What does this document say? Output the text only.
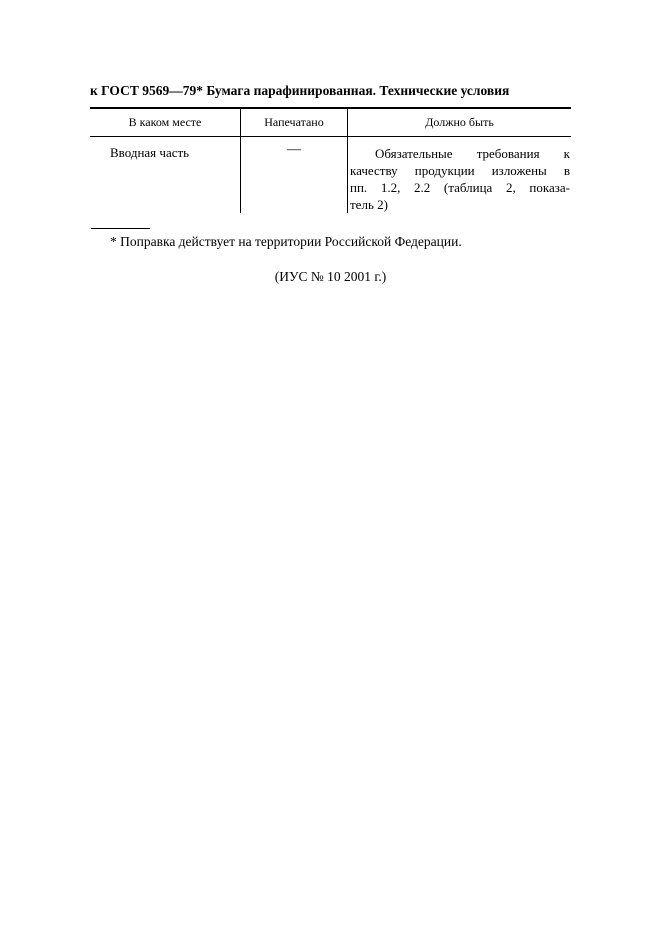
к ГОСТ 9569—79* Бумага парафинированная. Технические условия
В каком месте	Напечатано	Должно быть
Вводная часть	—	Обязательные требования к
качеству продукции изложены в
пп. 1.2, 2.2 (таблица 2, показа-
тель 2)
* Поправка действует на территории Российской Федерации.
(ИУС № 10 2001 г.)
